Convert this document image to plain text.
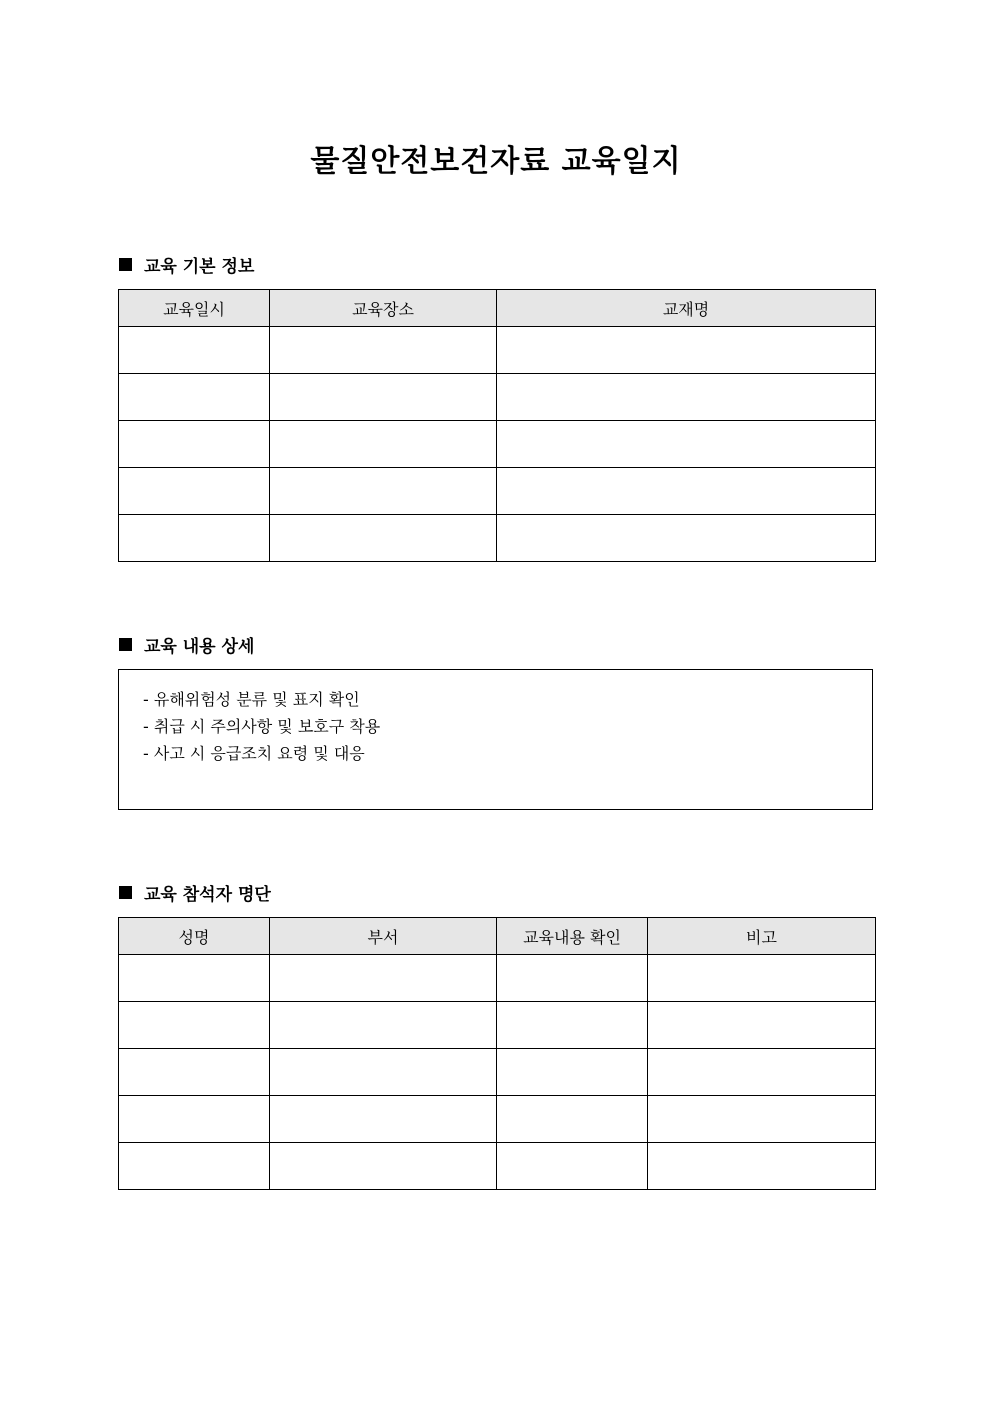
물질안전보건자료 교육일지
교육 기본 정보
교육일시	교육장소	교재명

교육 내용 상세
- 유해위험성 분류 및 표지 확인
- 취급 시 주의사항 및 보호구 착용
- 사고 시 응급조치 요령 및 대응
교육 참석자 명단
성명	부서	교육내용 확인	비고
